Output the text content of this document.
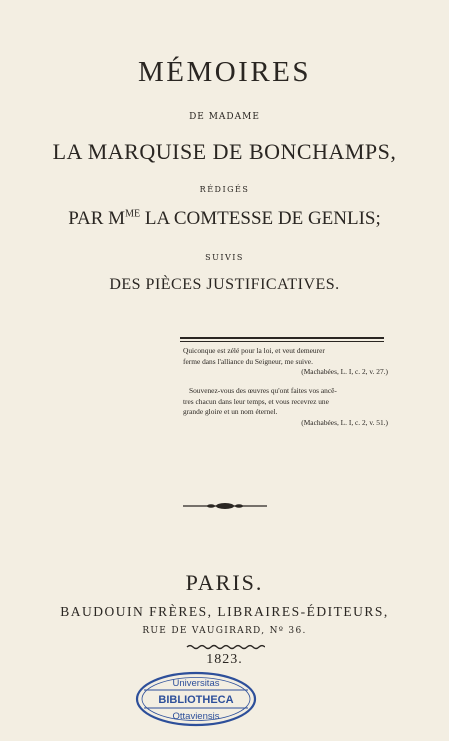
MÉMOIRES
DE MADAME
LA MARQUISE DE BONCHAMPS,
RÉDIGÉS
PAR $M^{ME}$ LA COMTESSE DE GENLIS;
SUIVIS
DES PIÈCES JUSTIFICATIVES.
Quiconque est zélé pour la loi, et veut demeurer
ferme dans l'alliance du Seigneur, me suive.
(Machabées, L. I, c. 2, v. 27.)
Souvenez-vous des œuvres qu'ont faites vos ancê-
tres chacun dans leur temps, et vous recevrez une
grande gloire et un nom éternel.
(Machabées, L. I, c. 2, v. 51.)
PARIS.
BAUDOUIN FRÈRES, LIBRAIRES-ÉDITEURS,
RUE DE VAUGIRARD, Nº 36.
1823.
Universitas
BIBLIOTHECA
Ottaviensis
